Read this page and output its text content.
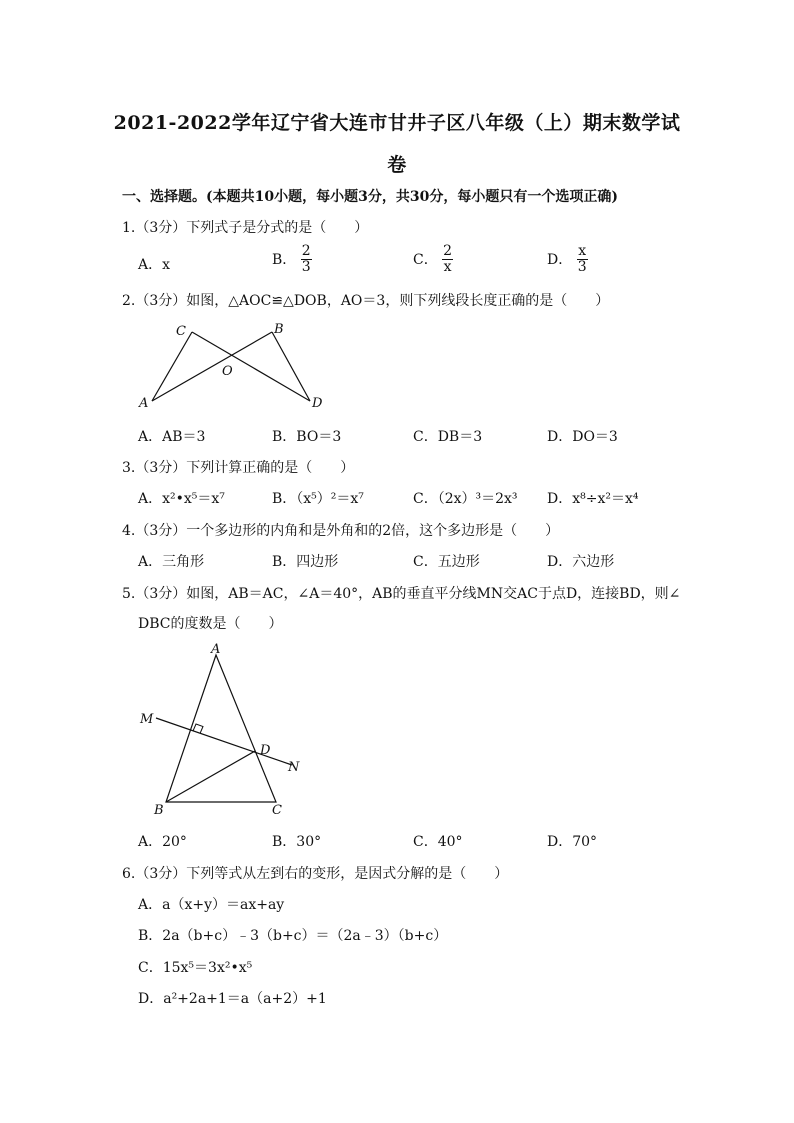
2021-2022学年辽宁省大连市甘井子区八年级（上）期末数学试
卷
一、选择题。(本题共10小题，每小题3分，共30分，每小题只有一个选项正确)
1.（3分）下列式子是分式的是（　　）
A．x	B． $\frac{2}{3}$	C． $\frac{2}{x}$	D． $\frac{x}{3}$
2.（3分）如图，△AOC≌△DOB，AO＝3，则下列线段长度正确的是（　　）
C	B
O
A	D
A．AB＝3	B．BO＝3	C．DB＝3	D．DO＝3
3.（3分）下列计算正确的是（　　）
A．x²•x⁵＝x⁷	B．（x⁵）²＝x⁷	C．（2x）³＝2x³ D．x⁸÷x²＝x⁴
4.（3分）一个多边形的内角和是外角和的2倍，这个多边形是（　　）
A．三角形	B．四边形	C．五边形	D．六边形
5.（3分）如图，AB＝AC，∠A＝40°，AB的垂直平分线MN交AC于点D，连接BD，则∠
DBC的度数是（　　）
A
M
D
N
B	C
A．20°	B．30°	C．40°	D．70°
6.（3分）下列等式从左到右的变形，是因式分解的是（　　）
A．a（x+y）＝ax+ay
B．2a（b+c）﹣3（b+c）＝（2a﹣3）（b+c）
C．15x⁵＝3x²•x⁵
D．a²+2a+1＝a（a+2）+1
